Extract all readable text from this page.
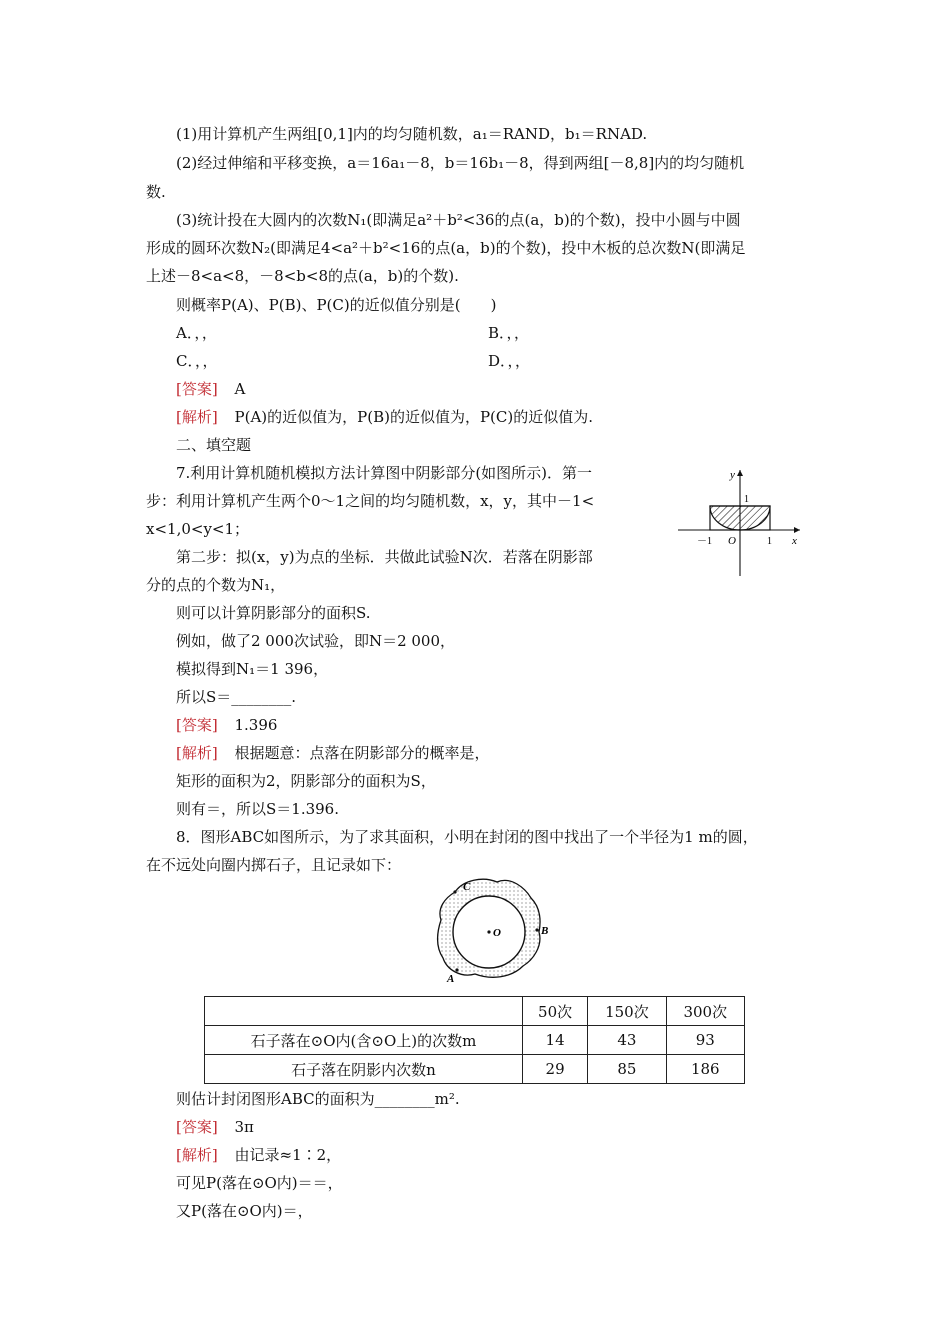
(1)用计算机产生两组[0,1]内的均匀随机数，a₁＝RAND，b₁＝RNAD.
(2)经过伸缩和平移变换，a＝16a₁－8，b＝16b₁－8，得到两组[－8,8]内的均匀随机
数.
(3)统计投在大圆内的次数N₁(即满足a²＋b²<36的点(a，b)的个数)，投中小圆与中圆
形成的圆环次数N₂(即满足4<a²＋b²<16的点(a，b)的个数)，投中木板的总次数N(即满足
上述－8<a<8，－8<b<8的点(a，b)的个数).
则概率P(A)、P(B)、P(C)的近似值分别是(　　)
A．，，	B．，，
C．，，	D．，，
[答案] A
[解析] P(A)的近似值为，P(B)的近似值为，P(C)的近似值为.
二、填空题
7.利用计算机随机模拟方法计算图中阴影部分(如图所示)．第一
步：利用计算机产生两个0～1之间的均匀随机数，x，y，其中－1<
x<1,0<y<1；
第二步：拟(x，y)为点的坐标．共做此试验N次．若落在阴影部
分的点的个数为N₁，
则可以计算阴影部分的面积S.
例如，做了2 000次试验，即N＝2 000，
模拟得到N₁＝1 396，
所以S＝________.
[答案] 1.396
[解析] 根据题意：点落在阴影部分的概率是，
矩形的面积为2，阴影部分的面积为S，
则有＝，所以S＝1.396.
y
x
1
－1 O	1
8．图形ABC如图所示，为了求其面积，小明在封闭的图中找出了一个半径为1 m的圆，
在不远处向圈内掷石子，且记录如下：
C
O	B
A
	50次	150次	300次
石子落在⊙O内(含⊙O上)的次数m	14	43	93
石子落在阴影内次数n	29	85	186
则估计封闭图形ABC的面积为________m².
[答案] 3π
[解析] 由记录≈1∶2，
可见P(落在⊙O内)＝＝，
又P(落在⊙O内)＝，
